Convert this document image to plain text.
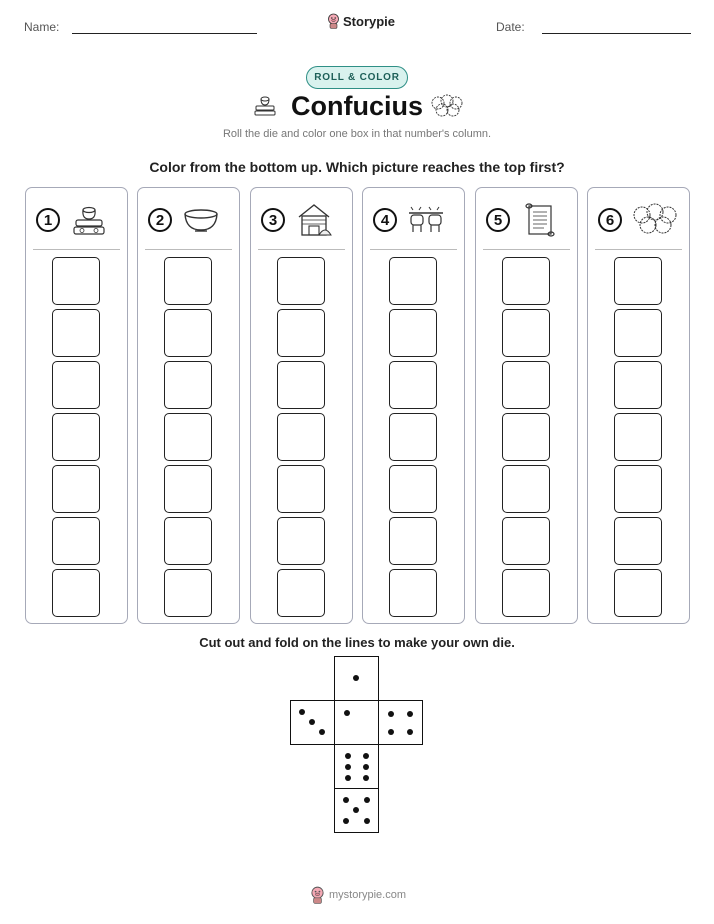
Name:	Storypie	Date:
ROLL & COLOR
Confucius
Roll the die and color one box in that number's column.
Color from the bottom up. Which picture reaches the top first?
1	2	3	4	5	6
Cut out and fold on the lines to make your own die.
mystorypie.com
